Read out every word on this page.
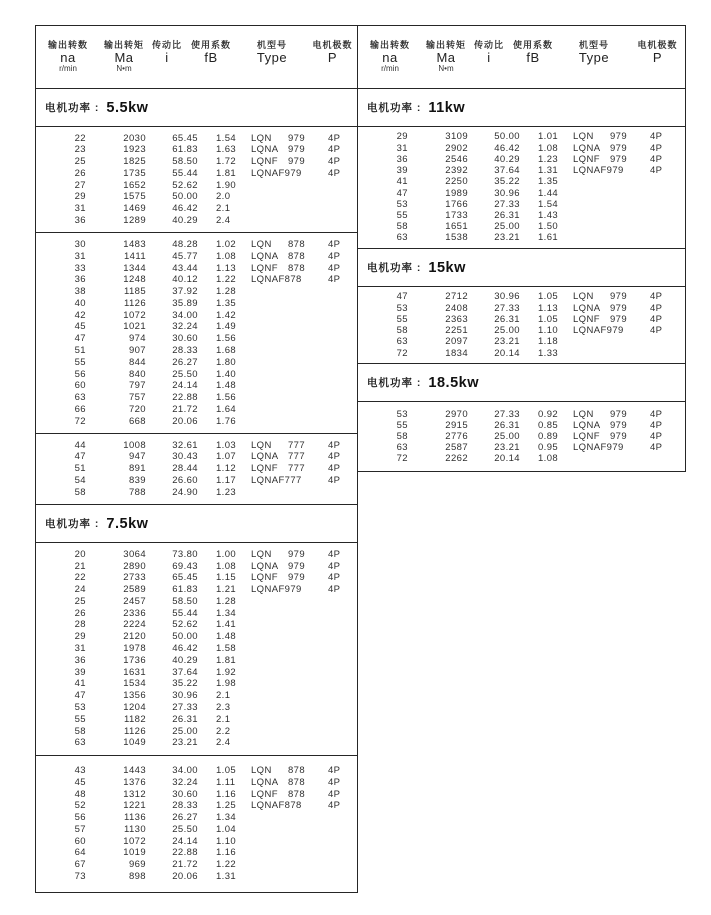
输出转数
na
r/min
输出转矩
Ma
N•m
传动比
i
使用系数
fB
机型号
Type
电机极数
P
电机功率 : 5.5kw
22	2030	65.45	1.54	LQN	979 4P
23	1923	61.83	1.63	LQNA	979 4P
25	1825	58.50	1.72	LQNF	979 4P
26	1735	55.44	1.81	LQNAF979	4P
27	1652	52.62	1.90
29	1575	50.00	2.0
31	1469	46.42	2.1
36	1289	40.29	2.4
30	1483	48.28	1.02	LQN	878 4P
31	1411	45.77	1.08	LQNA	878 4P
33	1344	43.44	1.13	LQNF	878 4P
36	1248	40.12	1.22	LQNAF878	4P
38	1185	37.92	1.28
40	1126	35.89	1.35
42	1072	34.00	1.42
45	1021	32.24	1.49
47	974	30.60	1.56
51	907	28.33	1.68
55	844	26.27	1.80
56	840	25.50	1.40
60	797	24.14	1.48
63	757	22.88	1.56
66	720	21.72	1.64
72	668	20.06	1.76
44	1008	32.61	1.03	LQN	777 4P
47	947	30.43	1.07	LQNA	777 4P
51	891	28.44	1.12	LQNF	777 4P
54	839	26.60	1.17	LQNAF777	4P
58	788	24.90	1.23
电机功率 : 7.5kw
20	3064	73.80	1.00	LQN	979 4P
21	2890	69.43	1.08	LQNA	979 4P
22	2733	65.45	1.15	LQNF	979 4P
24	2589	61.83	1.21	LQNAF979	4P
25	2457	58.50	1.28
26	2336	55.44	1.34
28	2224	52.62	1.41
29	2120	50.00	1.48
31	1978	46.42	1.58
36	1736	40.29	1.81
39	1631	37.64	1.92
41	1534	35.22	1.98
47	1356	30.96	2.1
53	1204	27.33	2.3
55	1182	26.31	2.1
58	1126	25.00	2.2
63	1049	23.21	2.4
43	1443	34.00	1.05	LQN	878 4P
45	1376	32.24	1.11	LQNA	878 4P
48	1312	30.60	1.16	LQNF	878 4P
52	1221	28.33	1.25	LQNAF878	4P
56	1136	26.27	1.34
57	1130	25.50	1.04
60	1072	24.14	1.10
64	1019	22.88	1.16
67	969	21.72	1.22
73	898	20.06	1.31
输出转数
na
r/min
输出转矩
Ma
N•m
传动比
i
使用系数
fB
机型号
Type
电机极数
P
电机功率 : 11kw
29	3109	50.00	1.01	LQN	979 4P
31	2902	46.42	1.08	LQNA	979 4P
36	2546	40.29	1.23	LQNF	979 4P
39	2392	37.64	1.31	LQNAF979	4P
41	2250	35.22	1.35
47	1989	30.96	1.44
53	1766	27.33	1.54
55	1733	26.31	1.43
58	1651	25.00	1.50
63	1538	23.21	1.61
电机功率 : 15kw
47	2712	30.96	1.05	LQN	979 4P
53	2408	27.33	1.13	LQNA	979 4P
55	2363	26.31	1.05	LQNF	979 4P
58	2251	25.00	1.10	LQNAF979	4P
63	2097	23.21	1.18
72	1834	20.14	1.33
电机功率 : 18.5kw
53	2970	27.33	0.92	LQN	979 4P
55	2915	26.31	0.85	LQNA	979 4P
58	2776	25.00	0.89	LQNF	979 4P
63	2587	23.21	0.95	LQNAF979	4P
72	2262	20.14	1.08
